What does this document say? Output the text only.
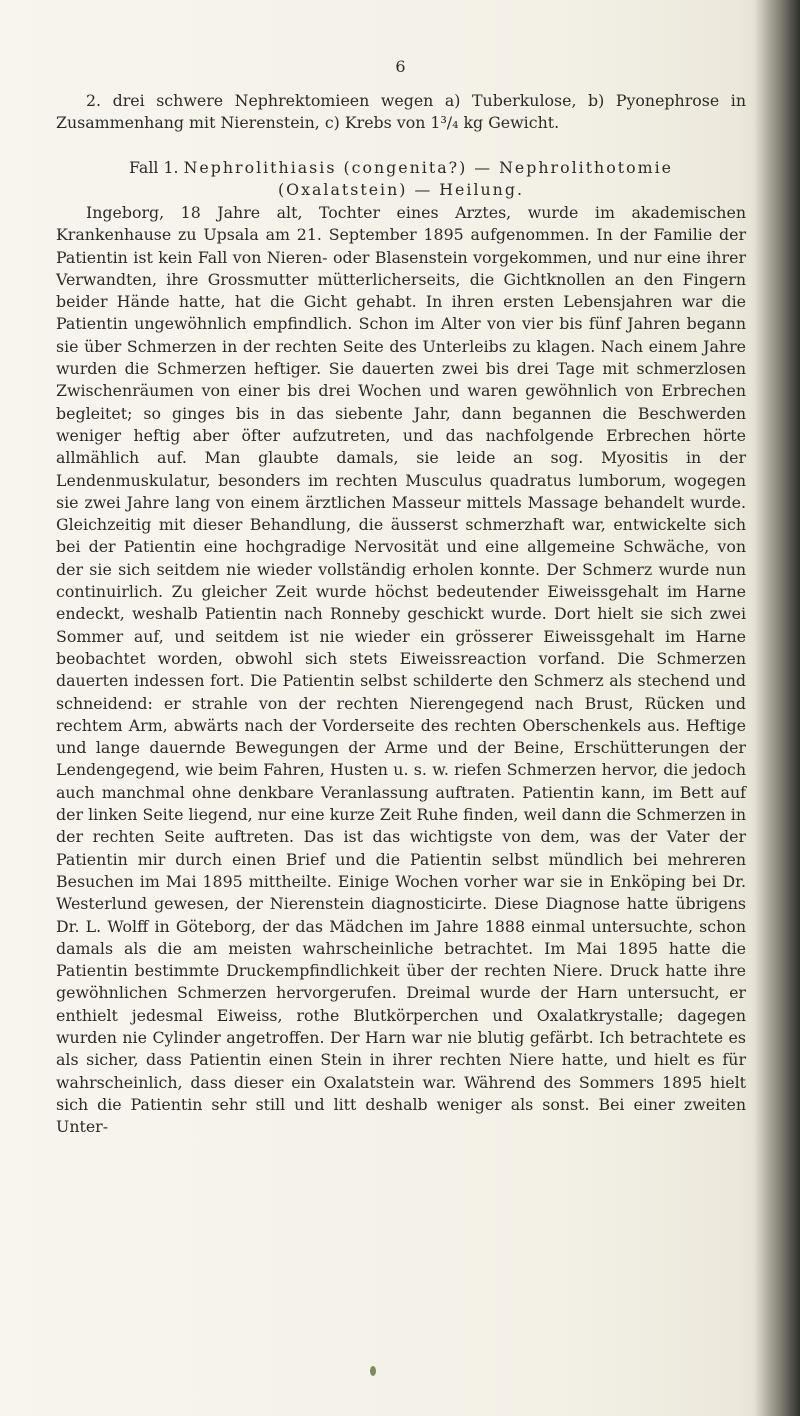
6

2. drei schwere Nephrektomieen wegen a) Tuberkulose, b) Pyonephrose in Zusammenhang mit Nierenstein, c) Krebs von 1³/₄ kg Gewicht.

Fall 1. Nephrolithiasis (congenita?) — Nephrolithotomie
(Oxalatstein) — Heilung.

Ingeborg, 18 Jahre alt, Tochter eines Arztes, wurde im akademischen Krankenhause zu Upsala am 21. September 1895 aufgenommen. In der Familie der Patientin ist kein Fall von Nieren- oder Blasenstein vorgekommen, und nur eine ihrer Verwandten, ihre Grossmutter mütterlicherseits, die Gichtknollen an den Fingern beider Hände hatte, hat die Gicht gehabt. In ihren ersten Lebensjahren war die Patientin ungewöhnlich empfindlich. Schon im Alter von vier bis fünf Jahren begann sie über Schmerzen in der rechten Seite des Unterleibs zu klagen. Nach einem Jahre wurden die Schmerzen heftiger. Sie dauerten zwei bis drei Tage mit schmerzlosen Zwischenräumen von einer bis drei Wochen und waren gewöhnlich von Erbrechen begleitet; so ginges bis in das siebente Jahr, dann begannen die Beschwerden weniger heftig aber öfter aufzutreten, und das nachfolgende Erbrechen hörte allmählich auf. Man glaubte damals, sie leide an sog. Myositis in der Lendenmuskulatur, besonders im rechten Musculus quadratus lumborum, wogegen sie zwei Jahre lang von einem ärztlichen Masseur mittels Massage behandelt wurde. Gleichzeitig mit dieser Behandlung, die äusserst schmerzhaft war, entwickelte sich bei der Patientin eine hochgradige Nervosität und eine allgemeine Schwäche, von der sie sich seitdem nie wieder vollständig erholen konnte. Der Schmerz wurde nun continuirlich. Zu gleicher Zeit wurde höchst bedeutender Eiweissgehalt im Harne endeckt, weshalb Patientin nach Ronneby geschickt wurde. Dort hielt sie sich zwei Sommer auf, und seitdem ist nie wieder ein grösserer Eiweissgehalt im Harne beobachtet worden, obwohl sich stets Eiweissreaction vorfand. Die Schmerzen dauerten indessen fort. Die Patientin selbst schilderte den Schmerz als stechend und schneidend: er strahle von der rechten Nierengegend nach Brust, Rücken und rechtem Arm, abwärts nach der Vorderseite des rechten Oberschenkels aus. Heftige und lange dauernde Bewegungen der Arme und der Beine, Erschütterungen der Lendengegend, wie beim Fahren, Husten u. s. w. riefen Schmerzen hervor, die jedoch auch manchmal ohne denkbare Veranlassung auftraten. Patientin kann, im Bett auf der linken Seite liegend, nur eine kurze Zeit Ruhe finden, weil dann die Schmerzen in der rechten Seite auftreten. Das ist das wichtigste von dem, was der Vater der Patientin mir durch einen Brief und die Patientin selbst mündlich bei mehreren Besuchen im Mai 1895 mittheilte. Einige Wochen vorher war sie in Enköping bei Dr. Westerlund gewesen, der Nierenstein diagnosticirte. Diese Diagnose hatte übrigens Dr. L. Wolff in Göteborg, der das Mädchen im Jahre 1888 einmal untersuchte, schon damals als die am meisten wahrscheinliche betrachtet. Im Mai 1895 hatte die Patientin bestimmte Druckempfindlichkeit über der rechten Niere. Druck hatte ihre gewöhnlichen Schmerzen hervorgerufen. Dreimal wurde der Harn untersucht, er enthielt jedesmal Eiweiss, rothe Blutkörperchen und Oxalatkrystalle; dagegen wurden nie Cylinder angetroffen. Der Harn war nie blutig gefärbt. Ich betrachtete es als sicher, dass Patientin einen Stein in ihrer rechten Niere hatte, und hielt es für wahrscheinlich, dass dieser ein Oxalatstein war. Während des Sommers 1895 hielt sich die Patientin sehr still und litt deshalb weniger als sonst. Bei einer zweiten Unter-
